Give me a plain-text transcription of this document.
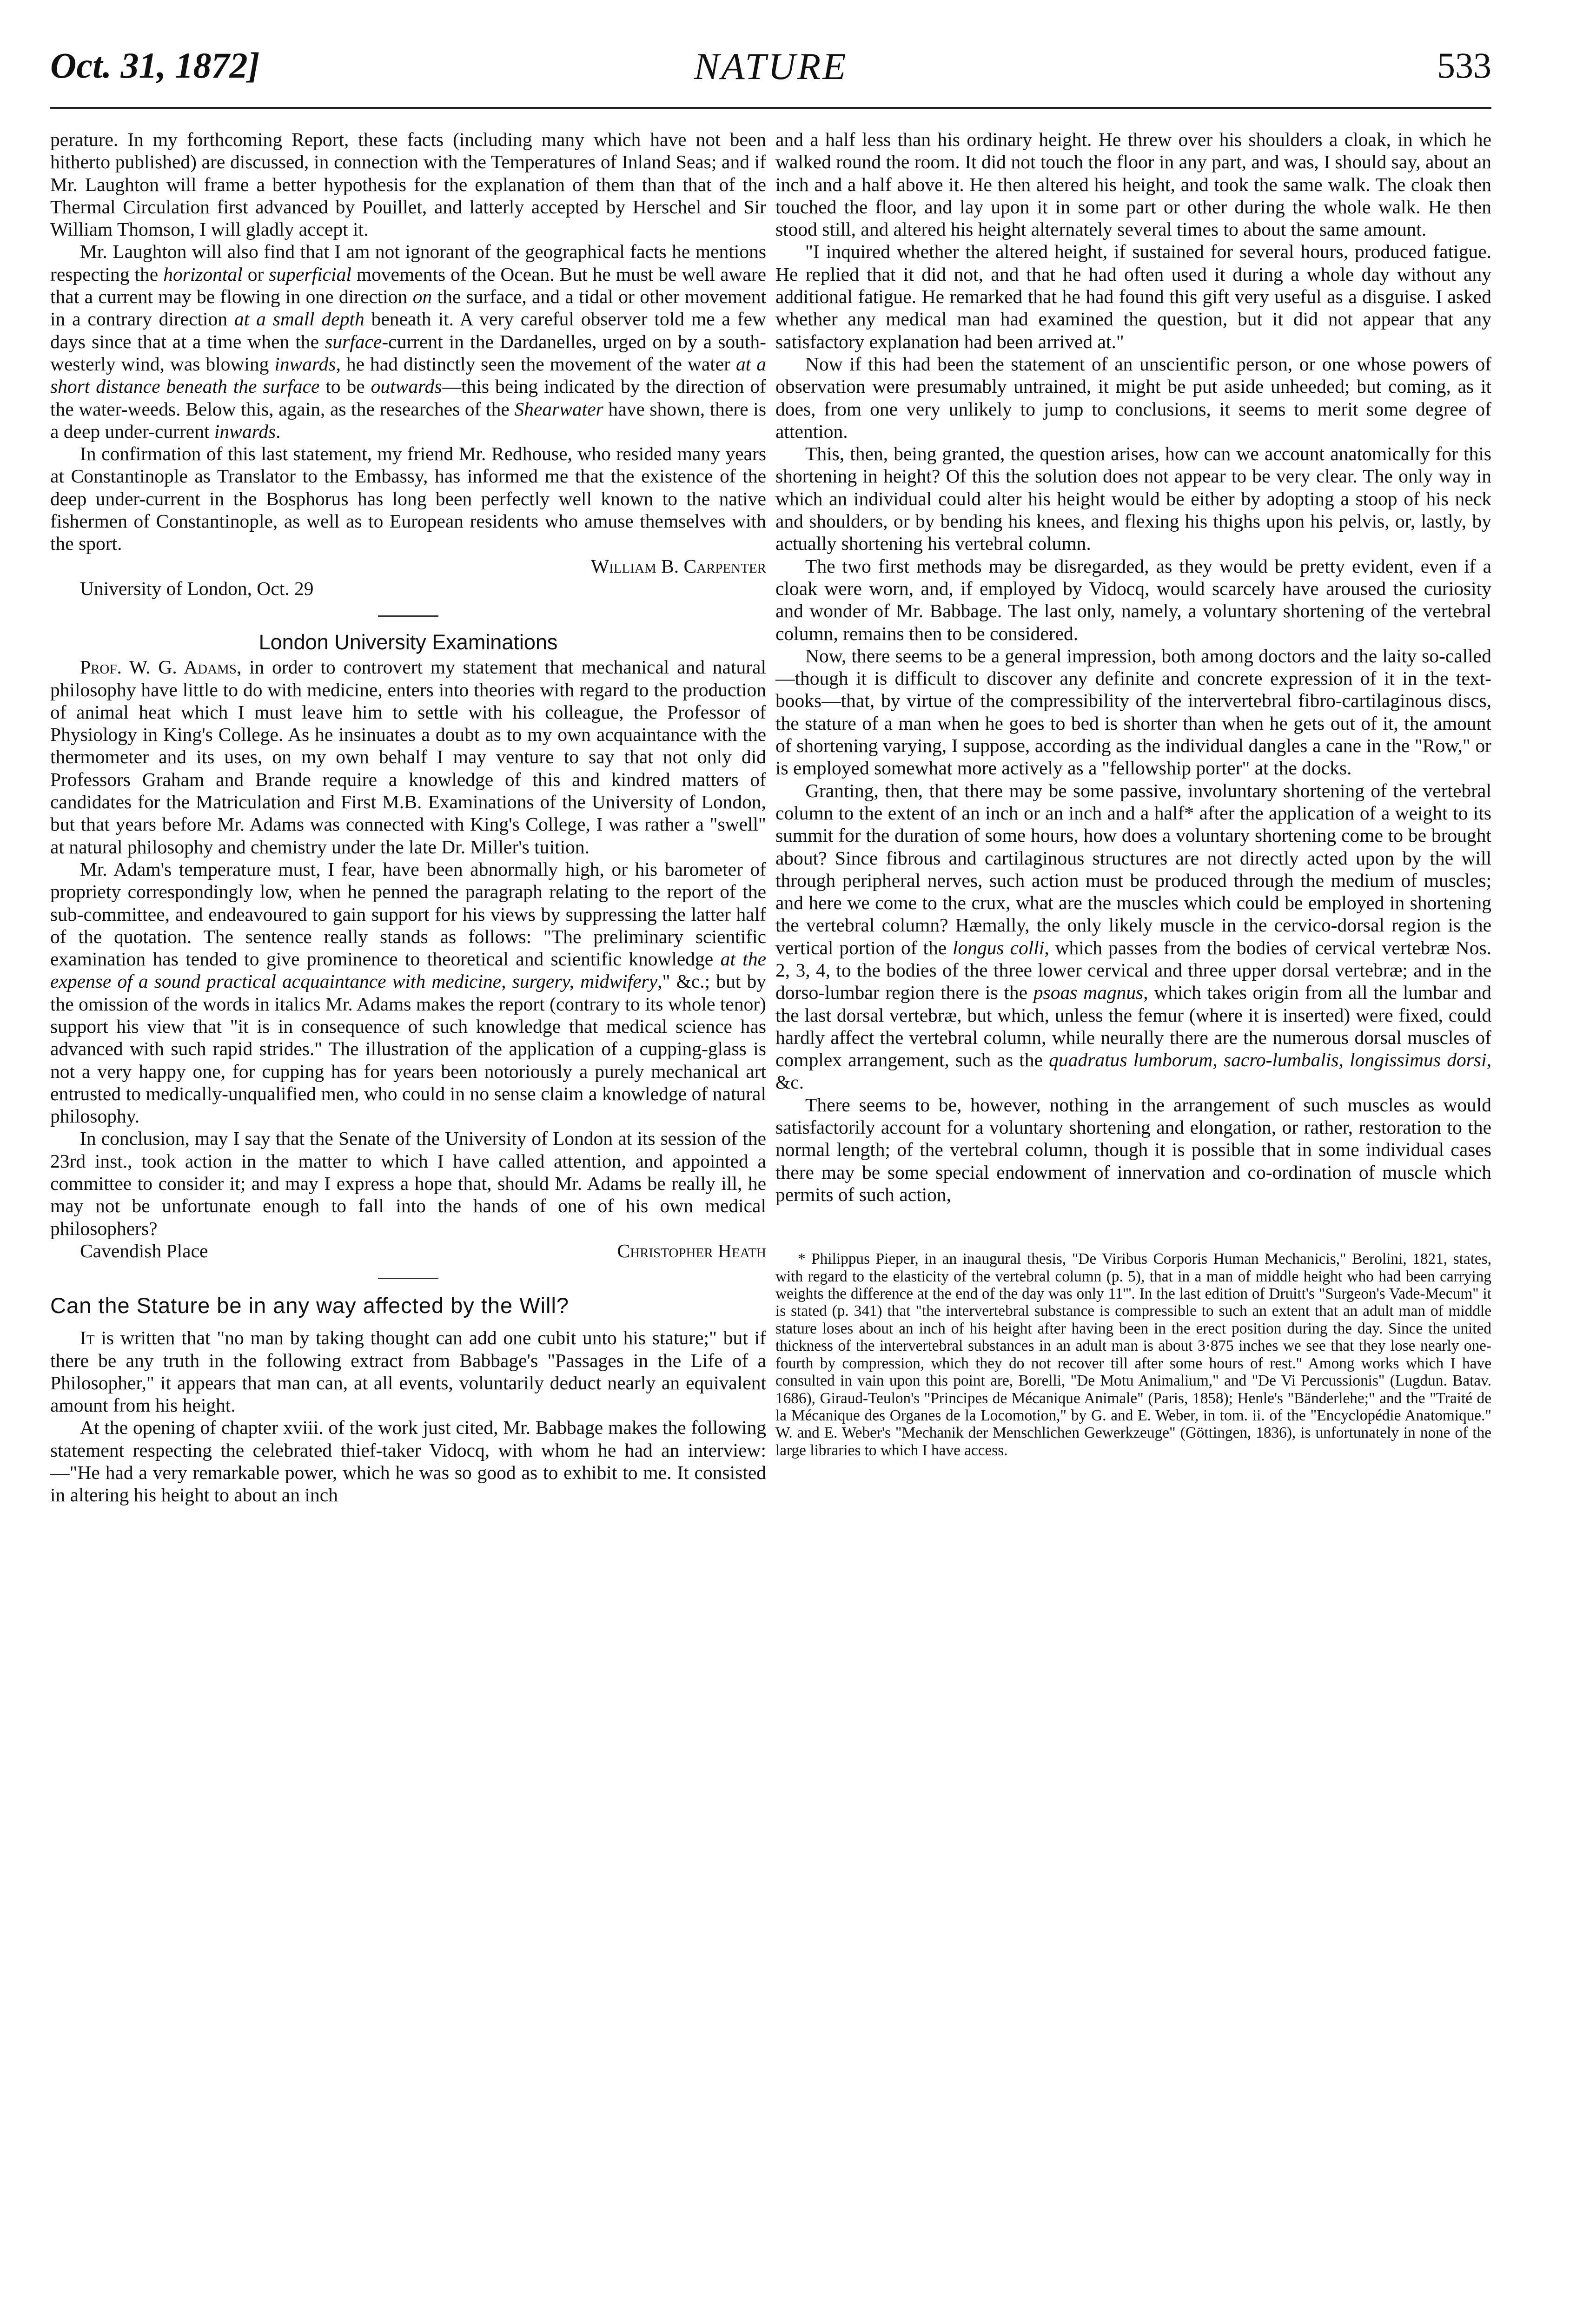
Oct. 31, 1872]	NATURE	533

perature. In my forthcoming Report, these facts (including many which have not been hitherto published) are discussed, in connection with the Temperatures of Inland Seas; and if Mr. Laughton will frame a better hypothesis for the explanation of them than that of the Thermal Circulation first advanced by Pouillet, and latterly accepted by Herschel and Sir William Thomson, I will gladly accept it.

Mr. Laughton will also find that I am not ignorant of the geographical facts he mentions respecting the horizontal or superficial movements of the Ocean. But he must be well aware that a current may be flowing in one direction on the surface, and a tidal or other movement in a contrary direction at a small depth beneath it. A very careful observer told me a few days since that at a time when the surface-current in the Dardanelles, urged on by a south-westerly wind, was blowing inwards, he had distinctly seen the movement of the water at a short distance beneath the surface to be outwards—this being indicated by the direction of the water-weeds. Below this, again, as the researches of the Shearwater have shown, there is a deep under-current inwards.

In confirmation of this last statement, my friend Mr. Redhouse, who resided many years at Constantinople as Translator to the Embassy, has informed me that the existence of the deep under-current in the Bosphorus has long been perfectly well known to the native fishermen of Constantinople, as well as to European residents who amuse themselves with the sport.

William B. Carpenter

University of London, Oct. 29

London University Examinations

Prof. W. G. Adams, in order to controvert my statement that mechanical and natural philosophy have little to do with medicine, enters into theories with regard to the production of animal heat which I must leave him to settle with his colleague, the Professor of Physiology in King's College. As he insinuates a doubt as to my own acquaintance with the thermometer and its uses, on my own behalf I may venture to say that not only did Professors Graham and Brande require a knowledge of this and kindred matters of candidates for the Matriculation and First M.B. Examinations of the University of London, but that years before Mr. Adams was connected with King's College, I was rather a "swell" at natural philosophy and chemistry under the late Dr. Miller's tuition.

Mr. Adam's temperature must, I fear, have been abnormally high, or his barometer of propriety correspondingly low, when he penned the paragraph relating to the report of the sub-committee, and endeavoured to gain support for his views by suppressing the latter half of the quotation. The sentence really stands as follows: "The preliminary scientific examination has tended to give prominence to theoretical and scientific knowledge at the expense of a sound practical acquaintance with medicine, surgery, midwifery," &c.; but by the omission of the words in italics Mr. Adams makes the report (contrary to its whole tenor) support his view that "it is in consequence of such knowledge that medical science has advanced with such rapid strides." The illustration of the application of a cupping-glass is not a very happy one, for cupping has for years been notoriously a purely mechanical art entrusted to medically-unqualified men, who could in no sense claim a knowledge of natural philosophy.

In conclusion, may I say that the Senate of the University of London at its session of the 23rd inst., took action in the matter to which I have called attention, and appointed a committee to consider it; and may I express a hope that, should Mr. Adams be really ill, he may not be unfortunate enough to fall into the hands of one of his own medical philosophers?

Cavendish Place	Christopher Heath
Can the Stature be in any way affected by the Will?

It is written that "no man by taking thought can add one cubit unto his stature;" but if there be any truth in the following extract from Babbage's "Passages in the Life of a Philosopher," it appears that man can, at all events, voluntarily deduct nearly an equivalent amount from his height.

At the opening of chapter xviii. of the work just cited, Mr. Babbage makes the following statement respecting the celebrated thief-taker Vidocq, with whom he had an interview:—"He had a very remarkable power, which he was so good as to exhibit to me. It consisted in altering his height to about an inch

and a half less than his ordinary height. He threw over his shoulders a cloak, in which he walked round the room. It did not touch the floor in any part, and was, I should say, about an inch and a half above it. He then altered his height, and took the same walk. The cloak then touched the floor, and lay upon it in some part or other during the whole walk. He then stood still, and altered his height alternately several times to about the same amount.

"I inquired whether the altered height, if sustained for several hours, produced fatigue. He replied that it did not, and that he had often used it during a whole day without any additional fatigue. He remarked that he had found this gift very useful as a disguise. I asked whether any medical man had examined the question, but it did not appear that any satisfactory explanation had been arrived at."

Now if this had been the statement of an unscientific person, or one whose powers of observation were presumably untrained, it might be put aside unheeded; but coming, as it does, from one very unlikely to jump to conclusions, it seems to merit some degree of attention.

This, then, being granted, the question arises, how can we account anatomically for this shortening in height? Of this the solution does not appear to be very clear. The only way in which an individual could alter his height would be either by adopting a stoop of his neck and shoulders, or by bending his knees, and flexing his thighs upon his pelvis, or, lastly, by actually shortening his vertebral column.

The two first methods may be disregarded, as they would be pretty evident, even if a cloak were worn, and, if employed by Vidocq, would scarcely have aroused the curiosity and wonder of Mr. Babbage. The last only, namely, a voluntary shortening of the vertebral column, remains then to be considered.

Now, there seems to be a general impression, both among doctors and the laity so-called—though it is difficult to discover any definite and concrete expression of it in the text-books—that, by virtue of the compressibility of the intervertebral fibro-cartilaginous discs, the stature of a man when he goes to bed is shorter than when he gets out of it, the amount of shortening varying, I suppose, according as the individual dangles a cane in the "Row," or is employed somewhat more actively as a "fellowship porter" at the docks.

Granting, then, that there may be some passive, involuntary shortening of the vertebral column to the extent of an inch or an inch and a half* after the application of a weight to its summit for the duration of some hours, how does a voluntary shortening come to be brought about? Since fibrous and cartilaginous structures are not directly acted upon by the will through peripheral nerves, such action must be produced through the medium of muscles; and here we come to the crux, what are the muscles which could be employed in shortening the vertebral column? Hæmally, the only likely muscle in the cervico-dorsal region is the vertical portion of the longus colli, which passes from the bodies of cervical vertebræ Nos. 2, 3, 4, to the bodies of the three lower cervical and three upper dorsal vertebræ; and in the dorso-lumbar region there is the psoas magnus, which takes origin from all the lumbar and the last dorsal vertebræ, but which, unless the femur (where it is inserted) were fixed, could hardly affect the vertebral column, while neurally there are the numerous dorsal muscles of complex arrangement, such as the quadratus lumborum, sacro-lumbalis, longissimus dorsi, &c.

There seems to be, however, nothing in the arrangement of such muscles as would satisfactorily account for a voluntary shortening and elongation, or rather, restoration to the normal length; of the vertebral column, though it is possible that in some individual cases there may be some special endowment of innervation and co-ordination of muscle which permits of such action,

* Philippus Pieper, in an inaugural thesis, "De Viribus Corporis Human Mechanicis," Berolini, 1821, states, with regard to the elasticity of the vertebral column (p. 5), that in a man of middle height who had been carrying weights the difference at the end of the day was only 11'''. In the last edition of Druitt's "Surgeon's Vade-Mecum" it is stated (p. 341) that "the intervertebral substance is compressible to such an extent that an adult man of middle stature loses about an inch of his height after having been in the erect position during the day. Since the united thickness of the intervertebral substances in an adult man is about 3·875 inches we see that they lose nearly one-fourth by compression, which they do not recover till after some hours of rest." Among works which I have consulted in vain upon this point are, Borelli, "De Motu Animalium," and "De Vi Percussionis" (Lugdun. Batav. 1686), Giraud-Teulon's "Principes de Mécanique Animale" (Paris, 1858); Henle's "Bänderlehe;" and the "Traité de la Mécanique des Organes de la Locomotion," by G. and E. Weber, in tom. ii. of the "Encyclopédie Anatomique." W. and E. Weber's "Mechanik der Menschlichen Gewerkzeuge" (Göttingen, 1836), is unfortunately in none of the large libraries to which I have access.
